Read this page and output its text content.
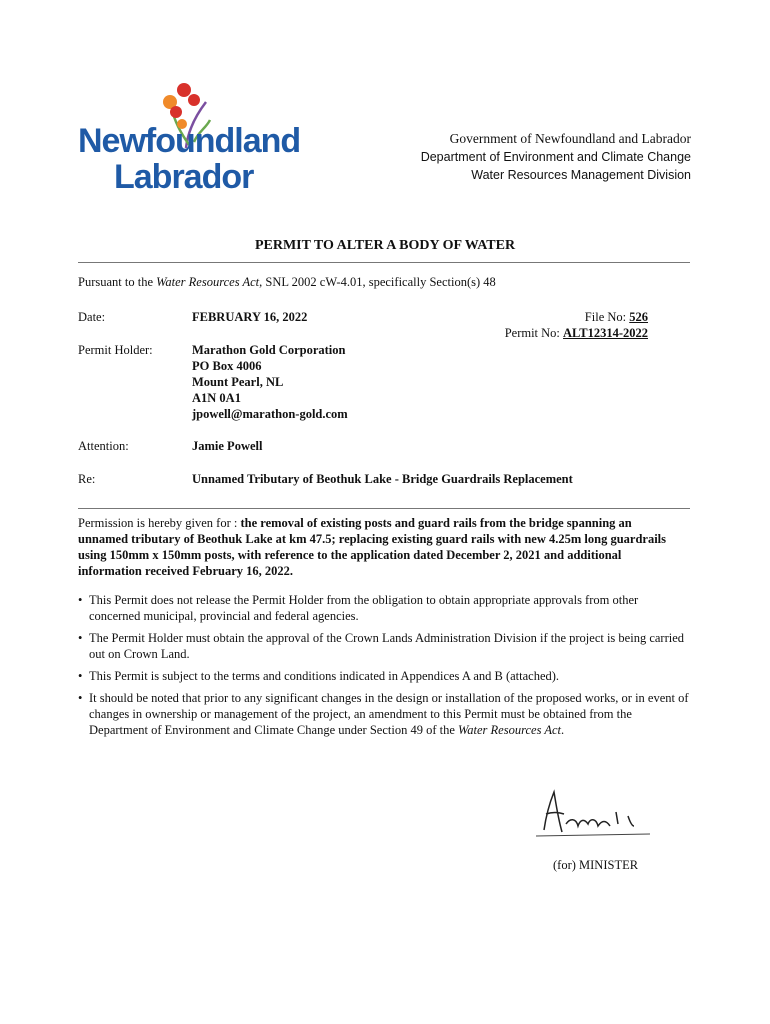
Newfoundland
Labrador
Government of Newfoundland and Labrador
Department of Environment and Climate Change
Water Resources Management Division
PERMIT TO ALTER A BODY OF WATER
Pursuant to the Water Resources Act, SNL 2002 cW-4.01, specifically Section(s) 48
Date:	FEBRUARY 16, 2022	File No: 526
Permit No: ALT12314-2022
Permit Holder:	Marathon Gold Corporation
PO Box 4006
Mount Pearl, NL
A1N 0A1
jpowell@marathon-gold.com
Attention:	Jamie Powell
Re:	Unnamed Tributary of Beothuk Lake - Bridge Guardrails Replacement
Permission is hereby given for : the removal of existing posts and guard rails from the bridge spanning an unnamed tributary of Beothuk Lake at km 47.5; replacing existing guard rails with new 4.25m long guardrails using 150mm x 150mm posts, with reference to the application dated December 2, 2021 and additional information received February 16, 2022.
• This Permit does not release the Permit Holder from the obligation to obtain appropriate approvals from other concerned municipal, provincial and federal agencies.
• The Permit Holder must obtain the approval of the Crown Lands Administration Division if the project is being carried out on Crown Land.
• This Permit is subject to the terms and conditions indicated in Appendices A and B (attached).
• It should be noted that prior to any significant changes in the design or installation of the proposed works, or in event of changes in ownership or management of the project, an amendment to this Permit must be obtained from the Department of Environment and Climate Change under Section 49 of the Water Resources Act.
(for) MINISTER
